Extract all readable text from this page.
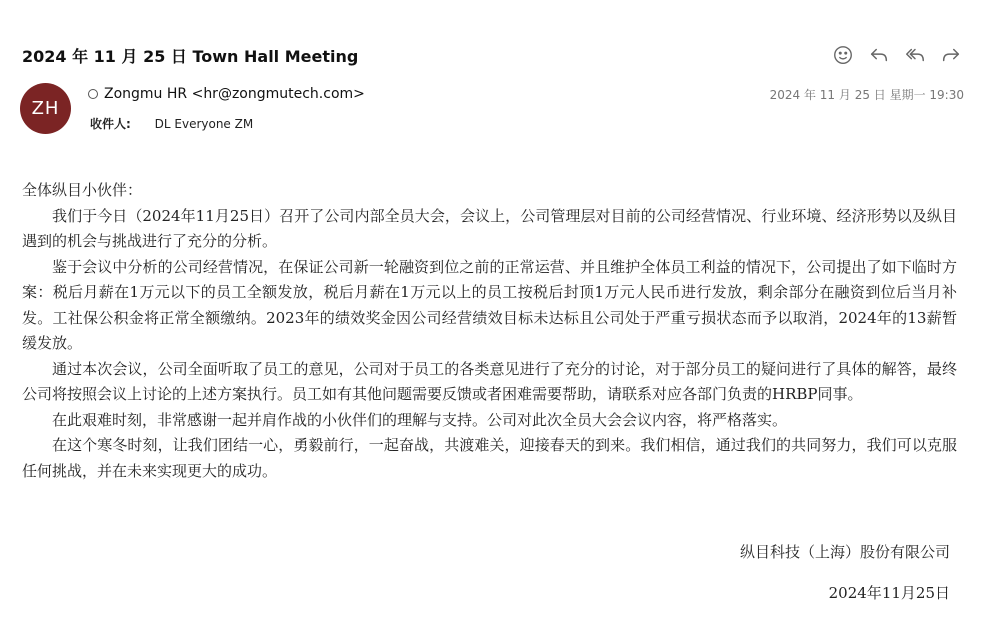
2024 年 11 月 25 日 Town Hall Meeting
ZH
Zongmu HR <hr@zongmutech.com>
收件人: DL Everyone ZM
2024 年 11 月 25 日 星期一 19:30

全体纵目小伙伴：

我们于今日（2024年11月25日）召开了公司内部全员大会，会议上，公司管理层对目前的公司经营情况、行业环境、经济形势以及纵目遇到的机会与挑战进行了充分的分析。

鉴于会议中分析的公司经营情况，在保证公司新一轮融资到位之前的正常运营、并且维护全体员工利益的情况下，公司提出了如下临时方案：税后月薪在1万元以下的员工全额发放，税后月薪在1万元以上的员工按税后封顶1万元人民币进行发放，剩余部分在融资到位后当月补发。工社保公积金将正常全额缴纳。2023年的绩效奖金因公司经营绩效目标未达标且公司处于严重亏损状态而予以取消，2024年的13薪暂缓发放。

通过本次会议，公司全面听取了员工的意见，公司对于员工的各类意见进行了充分的讨论，对于部分员工的疑问进行了具体的解答，最终公司将按照会议上讨论的上述方案执行。员工如有其他问题需要反馈或者困难需要帮助，请联系对应各部门负责的HRBP同事。

在此艰难时刻，非常感谢一起并肩作战的小伙伴们的理解与支持。公司对此次全员大会会议内容，将严格落实。

在这个寒冬时刻，让我们团结一心，勇毅前行，一起奋战，共渡难关，迎接春天的到来。我们相信，通过我们的共同努力，我们可以克服任何挑战，并在未来实现更大的成功。

纵目科技（上海）股份有限公司
2024年11月25日
